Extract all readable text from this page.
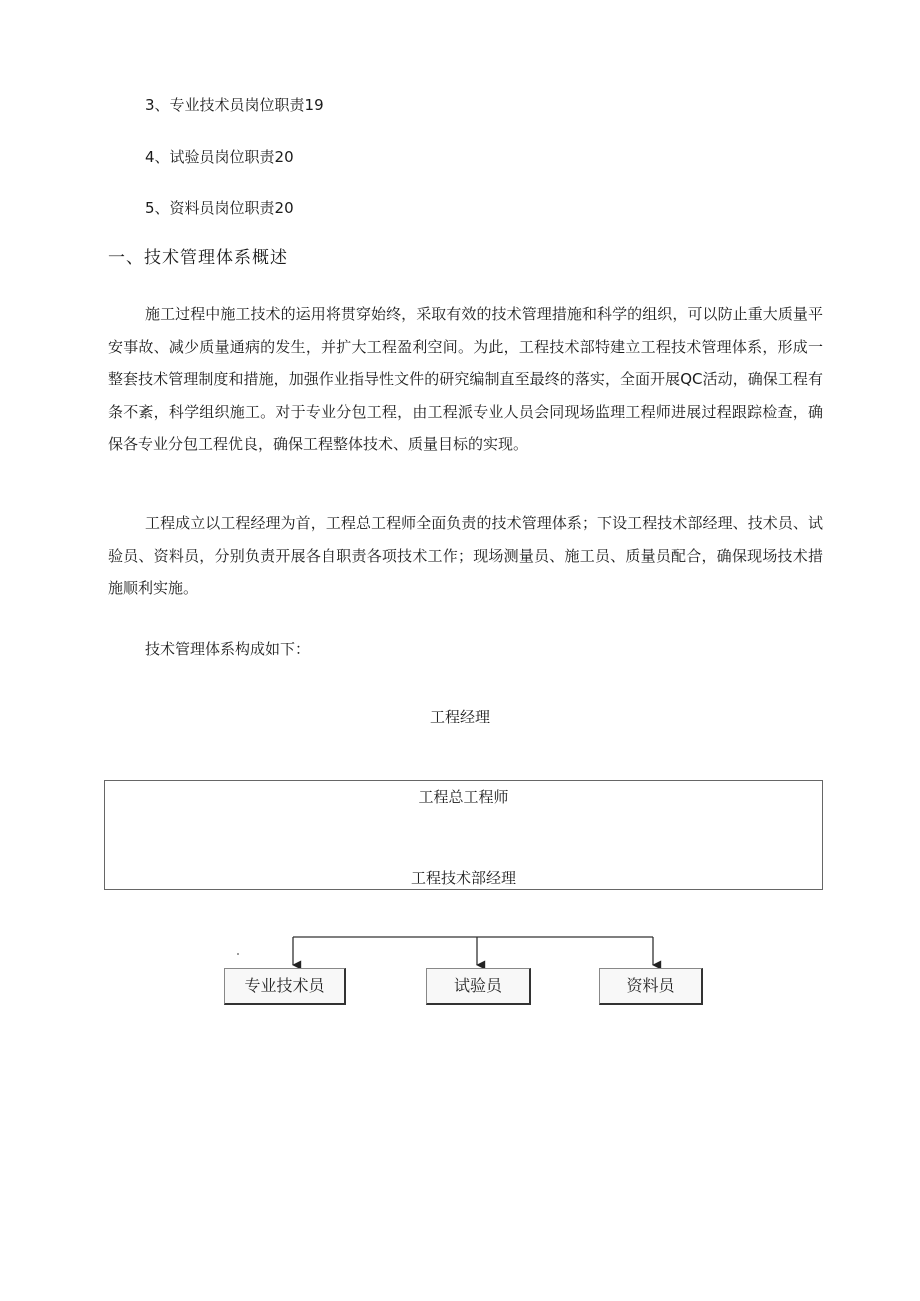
3、专业技术员岗位职责19
4、试验员岗位职责20
5、资料员岗位职责20
一、技术管理体系概述
施工过程中施工技术的运用将贯穿始终，采取有效的技术管理措施和科学的组织，可以防止重大质量平安事故、减少质量通病的发生，并扩大工程盈利空间。为此，工程技术部特建立工程技术管理体系，形成一整套技术管理制度和措施，加强作业指导性文件的研究编制直至最终的落实，全面开展QC活动，确保工程有条不紊，科学组织施工。对于专业分包工程，由工程派专业人员会同现场监理工程师进展过程跟踪检查，确保各专业分包工程优良，确保工程整体技术、质量目标的实现。
工程成立以工程经理为首，工程总工程师全面负责的技术管理体系；下设工程技术部经理、技术员、试验员、资料员，分别负责开展各自职责各项技术工作；现场测量员、施工员、质量员配合，确保现场技术措施顺利实施。
技术管理体系构成如下：
工程经理
工程总工程师
工程技术部经理
专业技术员	试验员	资料员
